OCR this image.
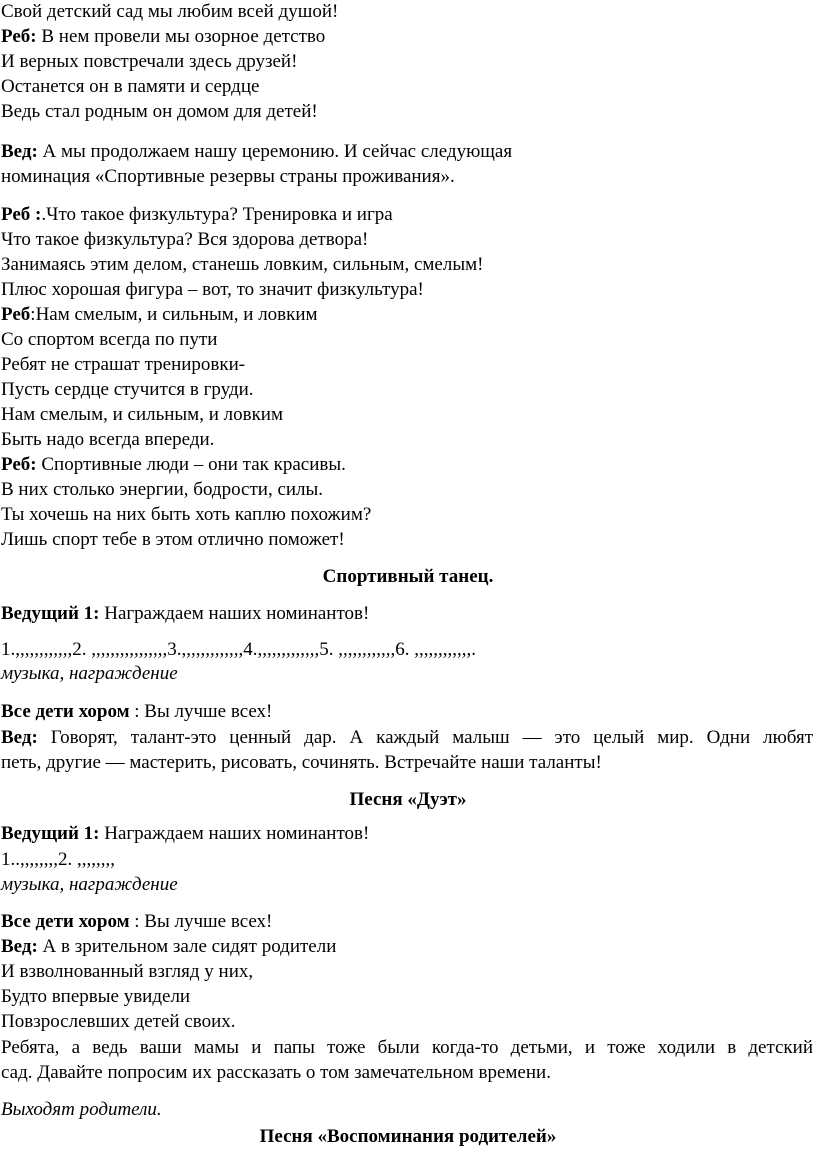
Свой детский сад мы любим всей душой!
Реб: В нем провели мы озорное детство
И верных повстречали здесь друзей!
Останется он в памяти и сердце
Ведь стал родным он домом для детей!
Вед: А мы продолжаем нашу церемонию. И сейчас следующая
номинация «Спортивные резервы страны проживания».
Реб :.Что такое физкультура? Тренировка и игра
Что такое физкультура? Вся здорова детвора!
Занимаясь этим делом, станешь ловким, сильным, смелым!
Плюс хорошая фигура – вот, то значит физкультура!
Реб:Нам смелым, и сильным, и ловким
Со спортом всегда по пути
Ребят не страшат тренировки-
Пусть сердце стучится в груди.
Нам смелым, и сильным, и ловким
Быть надо всегда впереди.
Реб: Спортивные люди – они так красивы.
В них столько энергии, бодрости, силы.
Ты хочешь на них быть хоть каплю похожим?
Лишь спорт тебе в этом отлично поможет!
Спортивный танец.
Ведущий 1: Награждаем наших номинантов!
1.,,,,,,,,,,,,2. ,,,,,,,,,,,,,,,,3.,,,,,,,,,,,,,4.,,,,,,,,,,,,,5. ,,,,,,,,,,,,6. ,,,,,,,,,,,,.
музыка, награждение
Все дети хором : Вы лучше всех!
Вед: Говорят, талант-это ценный дар. А каждый малыш — это целый мир. Одни любят
петь, другие — мастерить, рисовать, сочинять. Встречайте наши таланты!
Песня «Дуэт»
Ведущий 1: Награждаем наших номинантов!
1..,,,,,,,,2. ,,,,,,,,
музыка, награждение
Все дети хором : Вы лучше всех!
Вед: А в зрительном зале сидят родители
И взволнованный взгляд у них,
Будто впервые увидели
Повзрослевших детей своих.
Ребята, а ведь ваши мамы и папы тоже были когда-то детьми, и тоже ходили в детский
сад. Давайте попросим их рассказать о том замечательном времени.
Выходят родители.
Песня «Воспоминания родителей»
